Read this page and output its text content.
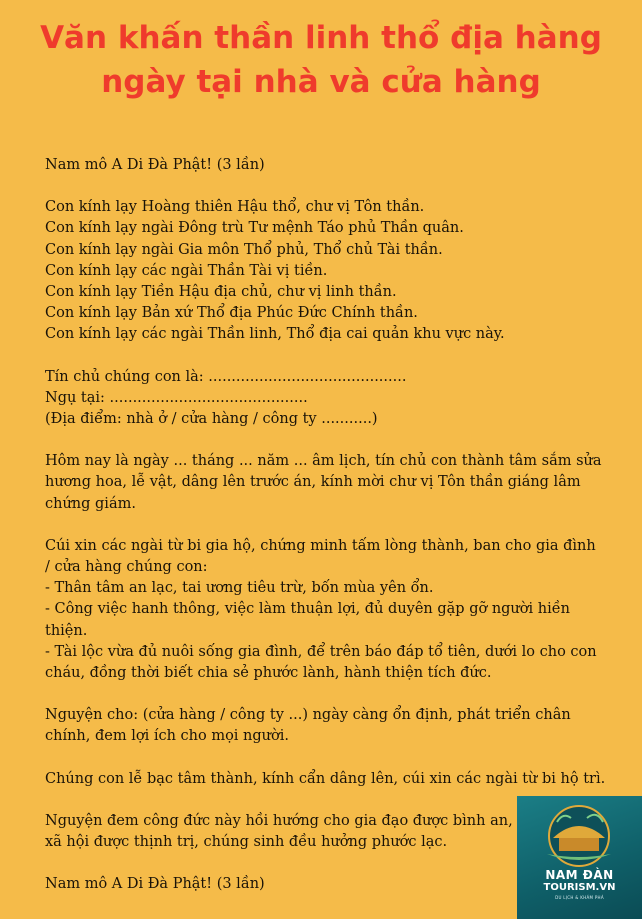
Văn khấn thần linh thổ địa hàng
ngày tại nhà và cửa hàng

Nam mô A Di Đà Phật! (3 lần)

Con kính lạy Hoàng thiên Hậu thổ, chư vị Tôn thần.

Con kính lạy ngài Đông trù Tư mệnh Táo phủ Thần quân.

Con kính lạy ngài Gia môn Thổ phủ, Thổ chủ Tài thần.

Con kính lạy các ngài Thần Tài vị tiền.

Con kính lạy Tiền Hậu địa chủ, chư vị linh thần.

Con kính lạy Bản xứ Thổ địa Phúc Đức Chính thần.

Con kính lạy các ngài Thần linh, Thổ địa cai quản khu vực này.

Tín chủ chúng con là: ...........................................

Ngụ tại: ...........................................

(Địa điểm: nhà ở / cửa hàng / công ty ...........)

Hôm nay là ngày ... tháng ... năm ... âm lịch, tín chủ con thành tâm sắm sửa hương hoa, lễ vật, dâng lên trước án, kính mời chư vị Tôn thần giáng lâm chứng giám.

Cúi xin các ngài từ bi gia hộ, chứng minh tấm lòng thành, ban cho gia đình

/ cửa hàng chúng con:

- Thân tâm an lạc, tai ương tiêu trừ, bốn mùa yên ổn.

- Công việc hanh thông, việc làm thuận lợi, đủ duyên gặp gỡ người hiền thiện.

- Tài lộc vừa đủ nuôi sống gia đình, để trên báo đáp tổ tiên, dưới lo cho con cháu, đồng thời biết chia sẻ phước lành, hành thiện tích đức.

Nguyện cho: (cửa hàng / công ty ...) ngày càng ổn định, phát triển chân chính, đem lợi ích cho mọi người.

Chúng con lễ bạc tâm thành, kính cẩn dâng lên, cúi xin các ngài từ bi hộ trì.

Nguyện đem công đức này hồi hướng cho gia đạo được bình an, xã hội được thịnh trị, chúng sinh đều hưởng phước lạc.

Nam mô A Di Đà Phật! (3 lần)

NAM ĐÀN
TOURISM.VN
DU LỊCH & KHÁM PHÁ
